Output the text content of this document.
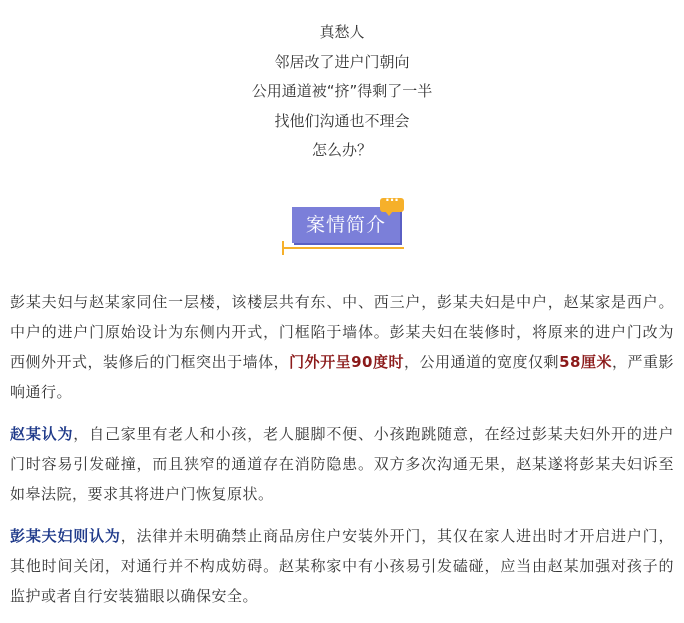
真愁人
邻居改了进户门朝向
公用通道被“挤”得剩了一半
找他们沟通也不理会
怎么办？
案情简介
···

彭某夫妇与赵某家同住一层楼，该楼层共有东、中、西三户，彭某夫妇是中户，赵某家是西户。中户的进户门原始设计为东侧内开式，门框陷于墙体。彭某夫妇在装修时，将原来的进户门改为西侧外开式，装修后的门框突出于墙体，门外开呈90度时，公用通道的宽度仅剩58厘米，严重影响通行。

赵某认为，自己家里有老人和小孩，老人腿脚不便、小孩跑跳随意，在经过彭某夫妇外开的进户门时容易引发碰撞，而且狭窄的通道存在消防隐患。双方多次沟通无果，赵某遂将彭某夫妇诉至如皋法院，要求其将进户门恢复原状。

彭某夫妇则认为，法律并未明确禁止商品房住户安装外开门，其仅在家人进出时才开启进户门，其他时间关闭，对通行并不构成妨碍。赵某称家中有小孩易引发磕碰，应当由赵某加强对孩子的监护或者自行安装猫眼以确保安全。
